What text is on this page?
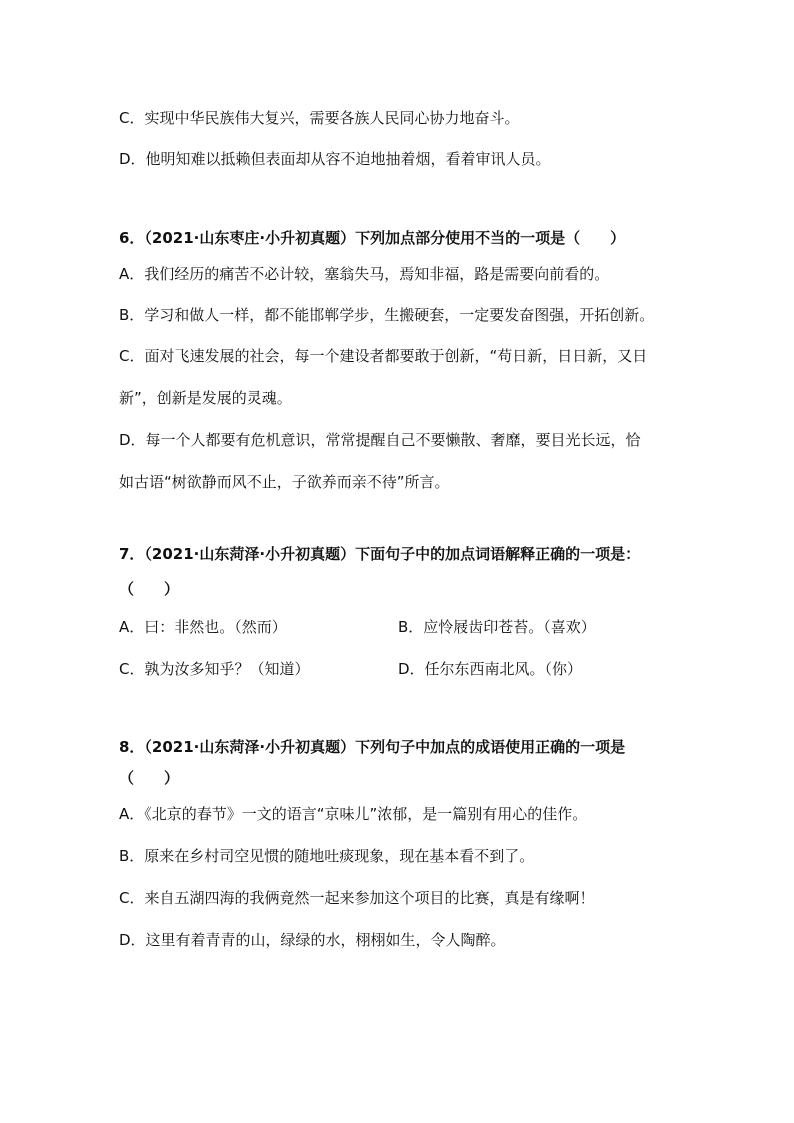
C．实现中华民族伟大复兴，需要各族人民同心协力地奋斗。
D．他明知难以抵赖但表面却从容不迫地抽着烟，看着审讯人员。
6．（2021·山东枣庄·小升初真题）下列加点部分使用不当的一项是（　　）
A．我们经历的痛苦不必计较，塞翁失马，焉知非福，路是需要向前看的。
B．学习和做人一样，都不能邯郸学步，生搬硬套，一定要发奋图强，开拓创新。
C．面对飞速发展的社会，每一个建设者都要敢于创新，“苟日新，日日新，又日
新”，创新是发展的灵魂。
D．每一个人都要有危机意识，常常提醒自己不要懒散、奢靡，要目光长远，恰
如古语“树欲静而风不止，子欲养而亲不待”所言。
7．（2021·山东菏泽·小升初真题）下面句子中的加点词语解释正确的一项是：
（　　）
A．曰：非然也。（然而）	B．应怜屐齿印苍苔。（喜欢）
C．孰为汝多知乎？（知道）	D．任尔东西南北风。（你）
8．（2021·山东菏泽·小升初真题）下列句子中加点的成语使用正确的一项是
（　　）
A．《北京的春节》一文的语言“京味儿”浓郁，是一篇别有用心的佳作。
B．原来在乡村司空见惯的随地吐痰现象，现在基本看不到了。
C．来自五湖四海的我俩竟然一起来参加这个项目的比赛，真是有缘啊！
D．这里有着青青的山，绿绿的水，栩栩如生，令人陶醉。
